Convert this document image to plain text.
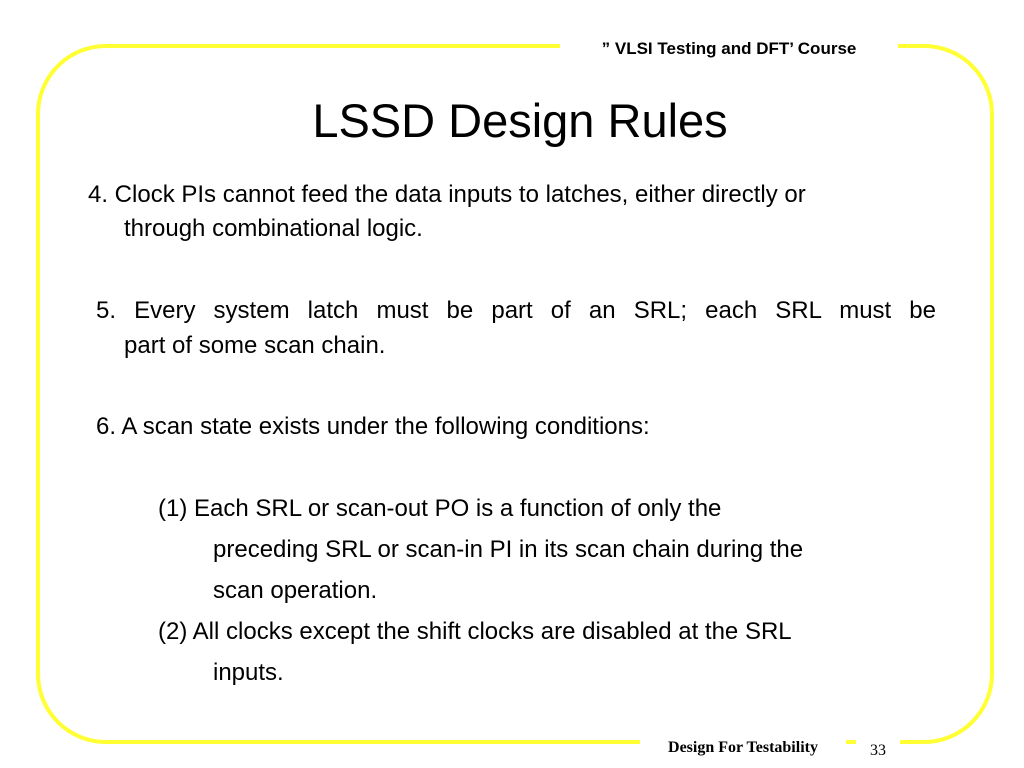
” VLSI Testing and DFT’ Course
LSSD Design Rules
4. Clock PIs cannot feed the data inputs to latches, either directly or
through combinational logic.
5. Every system latch must be part of an SRL; each SRL must be
part of some scan chain.
6. A scan state exists under the following conditions:
(1) Each SRL or scan-out PO is a function of only the
preceding SRL or scan-in PI in its scan chain during the
scan operation.
(2) All clocks except the shift clocks are disabled at the SRL
inputs.
Design For Testability	33
